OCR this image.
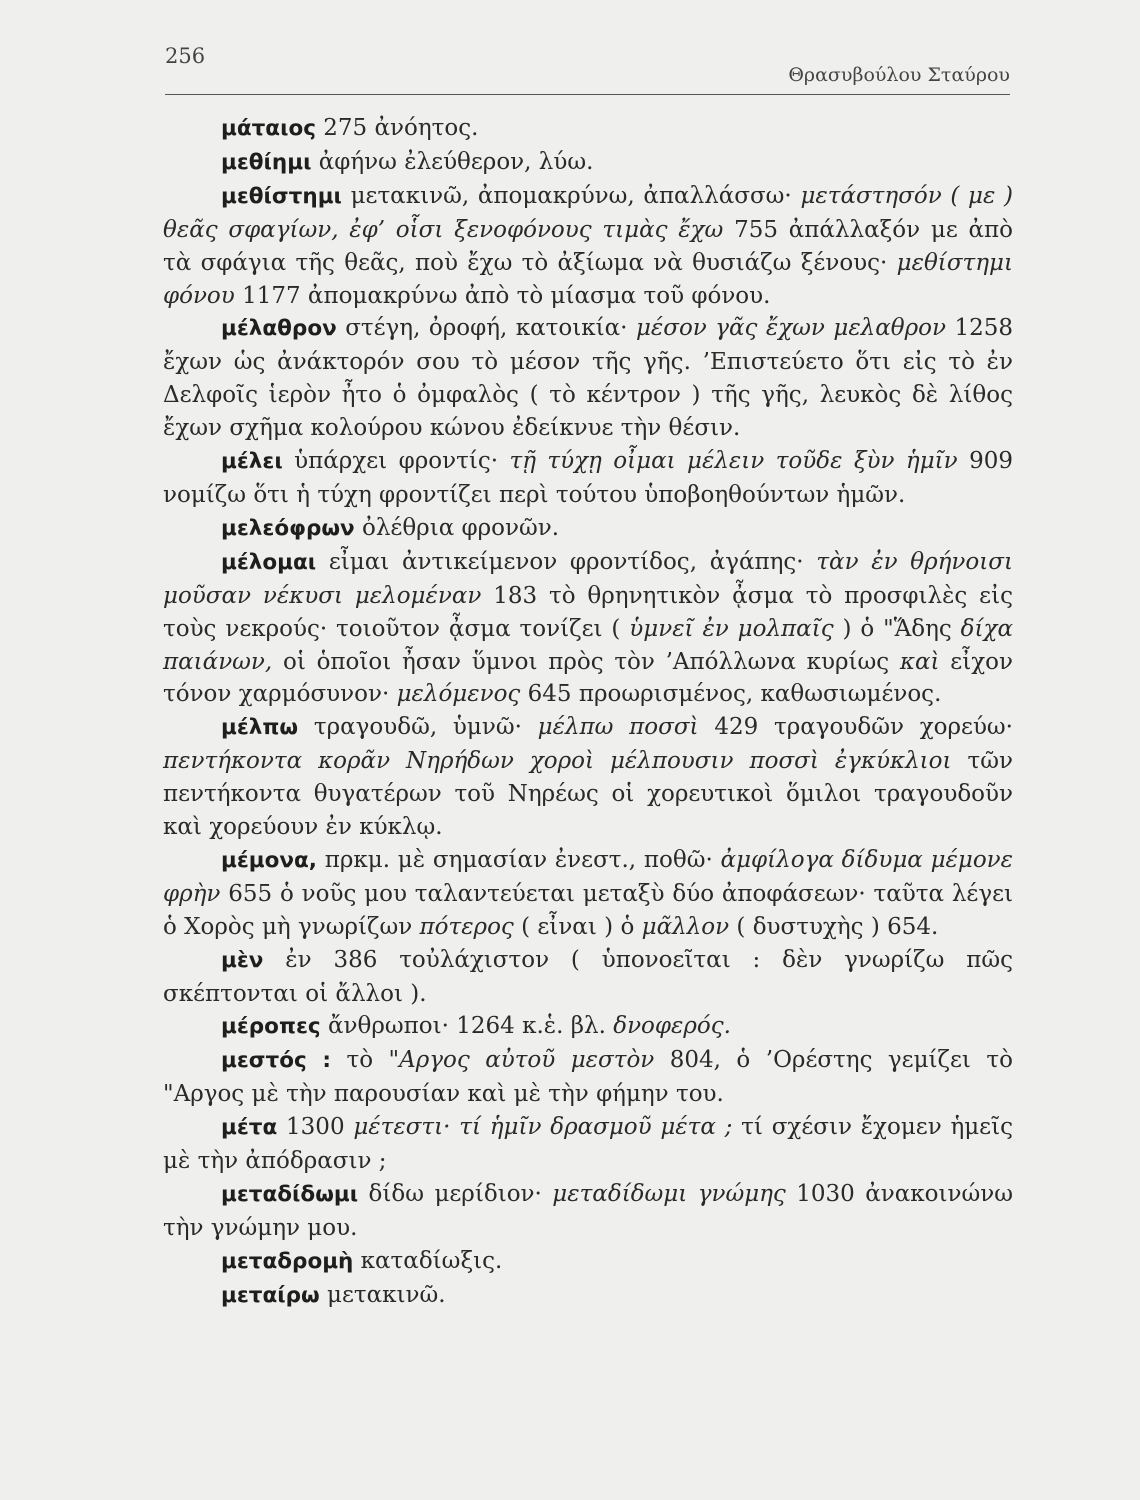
256
Θρασυβούλου Σταύρου

μάταιος 275 ἀνόητος.

μεθίημι ἀφήνω ἐλεύθερον, λύω.

μεθίστημι μετακινῶ, ἀπομακρύνω, ἀπαλλάσσω· μετάστησόν ( με ) θεᾶς σφαγίων, ἐφ’ οἷσι ξενοφόνους τιμὰς ἔχω 755 ἀπάλλαξόν με ἀπὸ τὰ σφάγια τῆς θεᾶς, ποὺ ἔχω τὸ ἀξίωμα νὰ θυσιάζω ξένους· μεθίστημι φόνου 1177 ἀπομακρύνω ἀπὸ τὸ μίασμα τοῦ φόνου.

μέλαθρον στέγη, ὀροφή, κατοικία· μέσον γᾶς ἔχων μελαθρον 1258 ἔχων ὡς ἀνάκτορόν σου τὸ μέσον τῆς γῆς. ’Επιστεύετο ὅτι εἰς τὸ ἐν Δελφοῖς ἱερὸν ἦτο ὁ ὀμφαλὸς ( τὸ κέντρον ) τῆς γῆς, λευκὸς δὲ λίθος ἔχων σχῆμα κολούρου κώνου ἐδείκνυε τὴν θέσιν.

μέλει ὑπάρχει φροντίς· τῇ τύχῃ οἶμαι μέλειν τοῦδε ξὺν ἡμῖν 909 νομίζω ὅτι ἡ τύχη φροντίζει περὶ τούτου ὑποβοηθούντων ἡμῶν.

μελεόφρων ὀλέθρια φρονῶν.

μέλομαι εἶμαι ἀντικείμενον φροντίδος, ἀγάπης· τὰν ἐν θρήνοισι μοῦσαν νέκυσι μελομέναν 183 τὸ θρηνητικὸν ᾆσμα τὸ προσφιλὲς εἰς τοὺς νεκρούς· τοιοῦτον ᾆσμα τονίζει ( ὑμνεῖ ἐν μολπαῖς ) ὁ "Ἅδης δίχα παιάνων, οἱ ὁποῖοι ἦσαν ὕμνοι πρὸς τὸν ’Απόλλωνα κυρίως καὶ εἶχον τόνον χαρμόσυνον· μελόμενος 645 προωρισμένος, καθωσιωμένος.

μέλπω τραγουδῶ, ὑμνῶ· μέλπω ποσσὶ 429 τραγουδῶν χορεύω· πεντήκοντα κορᾶν Νηρήδων χοροὶ μέλπουσιν ποσσὶ ἐγκύκλιοι τῶν πεντήκοντα θυγατέρων τοῦ Νηρέως οἱ χορευτικοὶ ὅμιλοι τραγουδοῦν καὶ χορεύουν ἐν κύκλῳ.

μέμονα, πρκμ. μὲ σημασίαν ἐνεστ., ποθῶ· ἀμφίλογα δίδυμα μέμονε φρὴν 655 ὁ νοῦς μου ταλαντεύεται μεταξὺ δύο ἀποφάσεων· ταῦτα λέγει ὁ Χορὸς μὴ γνωρίζων πότερος ( εἶναι ) ὁ μᾶλλον ( δυστυχὴς ) 654.

μὲν ἐν 386 τοὐλάχιστον ( ὑπονοεῖται : δὲν γνωρίζω πῶς σκέπτονται οἱ ἄλλοι ).

μέροπες ἄνθρωποι· 1264 κ.ἑ. βλ. δνοφερός.

μεστός : τὸ "Αργος αὐτοῦ μεστὸν 804, ὁ ’Ορέστης γεμίζει τὸ "Αργος μὲ τὴν παρουσίαν καὶ μὲ τὴν φήμην του.

μέτα 1300 μέτεστι· τί ἡμῖν δρασμοῦ μέτα ; τί σχέσιν ἔχομεν ἡμεῖς μὲ τὴν ἀπόδρασιν ;

μεταδίδωμι δίδω μερίδιον· μεταδίδωμι γνώμης 1030 ἀνακοινώνω τὴν γνώμην μου.

μεταδρομὴ καταδίωξις.

μεταίρω μετακινῶ.
